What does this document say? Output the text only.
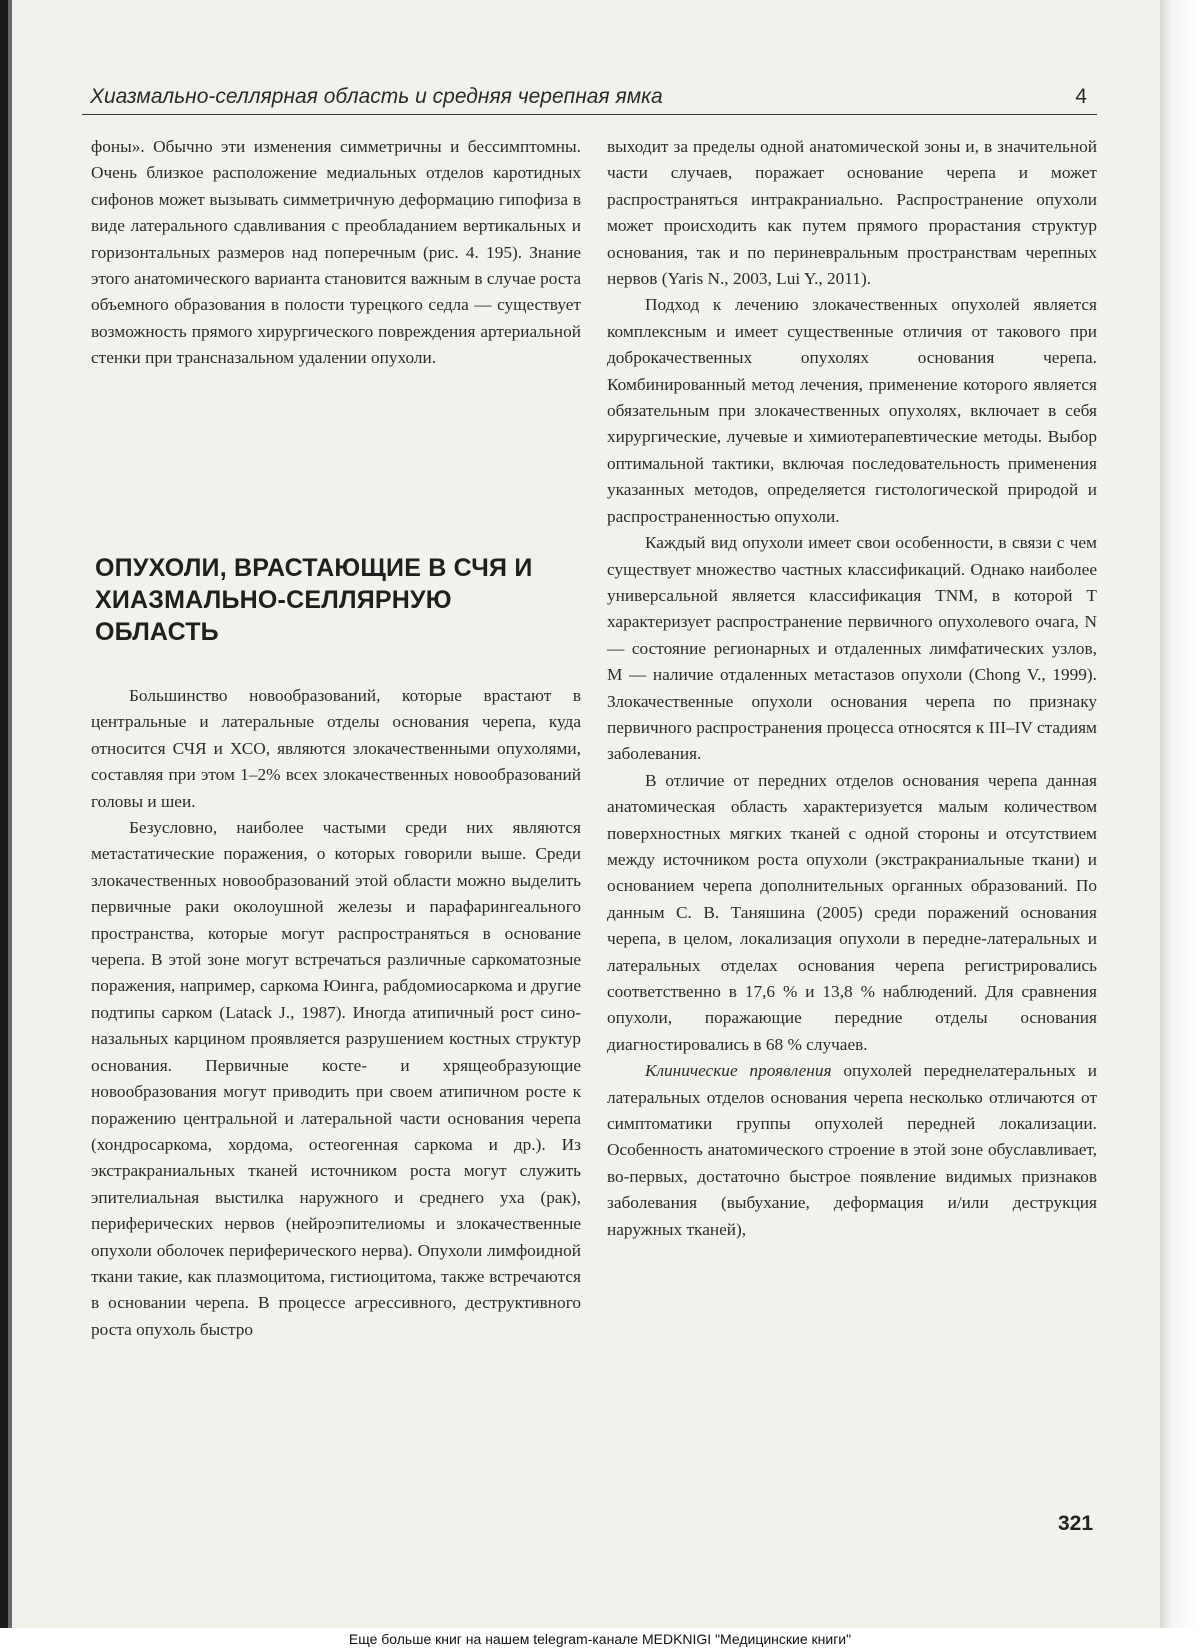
Хиазмально-селлярная область и средняя черепная ямка	4

фоны». Обычно эти изменения симметричны и бессимптомны. Очень близкое расположение медиальных отделов каротидных сифонов может вызывать симметричную деформацию гипофиза в виде латерального сдавливания с преобладанием вертикальных и горизонтальных размеров над поперечным (рис. 4. 195). Знание этого анатомического варианта становится важным в случае роста объемного образования в полости турецкого седла — существует возможность прямого хирургического повреждения артериальной стенки при трансназальном удалении опухоли.

ОПУХОЛИ, ВРАСТАЮЩИЕ В СЧЯ И ХИАЗМАЛЬНО-СЕЛЛЯРНУЮ ОБЛАСТЬ

Большинство новообразований, которые врастают в центральные и латеральные отделы основания черепа, куда относится СЧЯ и ХСО, являются злокачественными опухолями, составляя при этом 1–2% всех злокачественных новообразований головы и шеи.

Безусловно, наиболее частыми среди них являются метастатические поражения, о которых говорили выше. Среди злокачественных новообразований этой области можно выделить первичные раки околоушной железы и парафарингеального пространства, которые могут распространяться в основание черепа. В этой зоне могут встречаться различные саркоматозные поражения, например, саркома Юинга, рабдомиосаркома и другие подтипы сарком (Latack J., 1987). Иногда атипичный рост сино-назальных карцином проявляется разрушением костных структур основания. Первичные косте- и хрящеобразующие новообразования могут приводить при своем атипичном росте к поражению центральной и латеральной части основания черепа (хондросаркома, хордома, остеогенная саркома и др.). Из экстракраниальных тканей источником роста могут служить эпителиальная выстилка наружного и среднего уха (рак), периферических нервов (нейроэпителиомы и злокачественные опухоли оболочек периферического нерва). Опухоли лимфоидной ткани такие, как плазмоцитома, гистиоцитома, также встречаются в основании черепа. В процессе агрессивного, деструктивного роста опухоль быстро

выходит за пределы одной анатомической зоны и, в значительной части случаев, поражает основание черепа и может распространяться интракраниально. Распространение опухоли может происходить как путем прямого прорастания структур основания, так и по периневральным пространствам черепных нервов (Yaris N., 2003, Lui Y., 2011).

Подход к лечению злокачественных опухолей является комплексным и имеет существенные отличия от такового при доброкачественных опухолях основания черепа. Комбинированный метод лечения, применение которого является обязательным при злокачественных опухолях, включает в себя хирургические, лучевые и химиотерапевтические методы. Выбор оптимальной тактики, включая последовательность применения указанных методов, определяется гистологической природой и распространенностью опухоли.

Каждый вид опухоли имеет свои особенности, в связи с чем существует множество частных классификаций. Однако наиболее универсальной является классификация TNM, в которой T характеризует распространение первичного опухолевого очага, N — состояние регионарных и отдаленных лимфатических узлов, M — наличие отдаленных метастазов опухоли (Chong V., 1999). Злокачественные опухоли основания черепа по признаку первичного распространения процесса относятся к III–IV стадиям заболевания.

В отличие от передних отделов основания черепа данная анатомическая область характеризуется малым количеством поверхностных мягких тканей с одной стороны и отсутствием между источником роста опухоли (экстракраниальные ткани) и основанием черепа дополнительных органных образований. По данным С. В. Таняшина (2005) среди поражений основания черепа, в целом, локализация опухоли в передне-латеральных и латеральных отделах основания черепа регистрировались соответственно в 17,6 % и 13,8 % наблюдений. Для сравнения опухоли, поражающие передние отделы основания диагностировались в 68 % случаев.

Клинические проявления опухолей переднелатеральных и латеральных отделов основания черепа несколько отличаются от симптоматики группы опухолей передней локализации. Особенность анатомического строение в этой зоне обуславливает, во-первых, достаточно быстрое появление видимых признаков заболевания (выбухание, деформация и/или деструкция наружных тканей),

321
Еще больше книг на нашем telegram-канале MEDKNIGI "Медицинские книги"
